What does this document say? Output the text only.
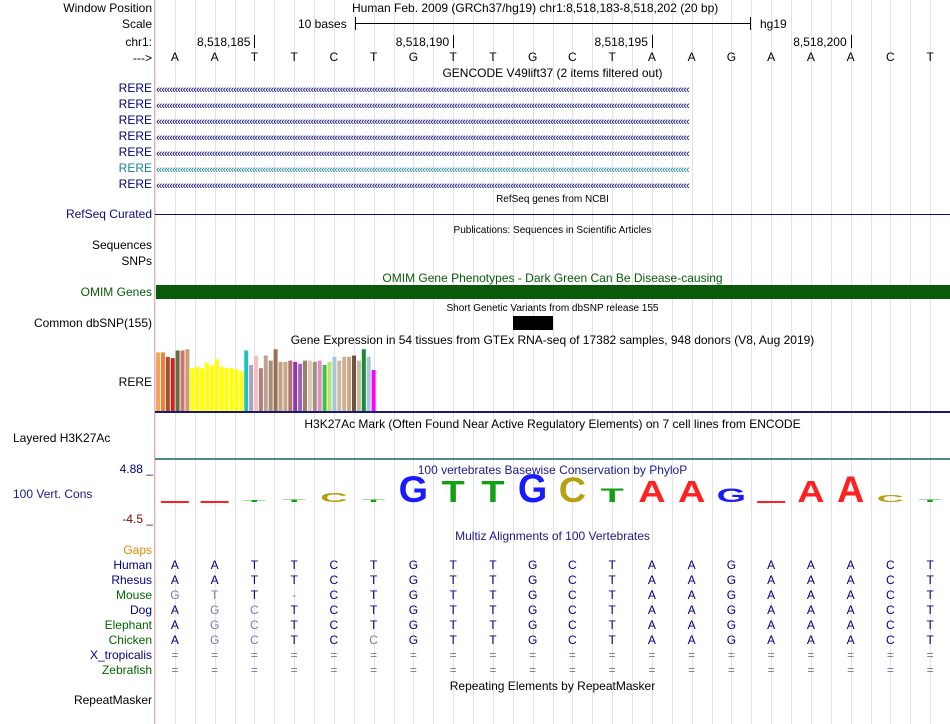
Window Position	Human Feb. 2009 (GRCh37/hg19) chr1:8,518,183-8,518,202 (20 bp)
Scale	10 bases	hg19
chr1:	8,518,185	8,518,190	8,518,195	8,518,200
--->	A	A	T	T	C	T	G	T	T	G	C	T	A	A	G	A	A	A	C	T
GENCODE V49lift37 (2 items filtered out)
RERE ‹‹‹‹‹‹‹‹‹‹‹‹‹‹‹‹‹‹‹‹‹‹‹‹‹‹‹‹‹‹‹‹‹‹‹‹‹‹‹‹‹‹‹‹‹‹‹‹‹‹‹‹‹‹‹‹‹‹‹‹‹‹‹‹‹‹‹‹‹‹‹‹‹‹‹‹‹‹‹‹‹‹‹‹‹‹‹‹‹‹‹‹‹‹‹‹‹‹‹‹‹‹‹‹‹‹‹‹‹‹‹‹‹‹‹‹‹‹‹‹‹‹‹‹‹‹‹‹‹‹‹‹‹‹‹‹‹‹‹‹‹‹‹‹‹‹‹‹‹‹‹‹‹‹‹‹‹‹‹‹‹‹‹‹‹‹‹‹‹‹‹‹‹‹‹‹‹‹‹‹‹‹‹‹‹‹‹‹‹‹‹‹‹‹‹‹‹‹‹‹
RERE ‹‹‹‹‹‹‹‹‹‹‹‹‹‹‹‹‹‹‹‹‹‹‹‹‹‹‹‹‹‹‹‹‹‹‹‹‹‹‹‹‹‹‹‹‹‹‹‹‹‹‹‹‹‹‹‹‹‹‹‹‹‹‹‹‹‹‹‹‹‹‹‹‹‹‹‹‹‹‹‹‹‹‹‹‹‹‹‹‹‹‹‹‹‹‹‹‹‹‹‹‹‹‹‹‹‹‹‹‹‹‹‹‹‹‹‹‹‹‹‹‹‹‹‹‹‹‹‹‹‹‹‹‹‹‹‹‹‹‹‹‹‹‹‹‹‹‹‹‹‹‹‹‹‹‹‹‹‹‹‹‹‹‹‹‹‹‹‹‹‹‹‹‹‹‹‹‹‹‹‹‹‹‹‹‹‹‹‹‹‹‹‹‹‹‹‹‹‹‹‹
RERE ‹‹‹‹‹‹‹‹‹‹‹‹‹‹‹‹‹‹‹‹‹‹‹‹‹‹‹‹‹‹‹‹‹‹‹‹‹‹‹‹‹‹‹‹‹‹‹‹‹‹‹‹‹‹‹‹‹‹‹‹‹‹‹‹‹‹‹‹‹‹‹‹‹‹‹‹‹‹‹‹‹‹‹‹‹‹‹‹‹‹‹‹‹‹‹‹‹‹‹‹‹‹‹‹‹‹‹‹‹‹‹‹‹‹‹‹‹‹‹‹‹‹‹‹‹‹‹‹‹‹‹‹‹‹‹‹‹‹‹‹‹‹‹‹‹‹‹‹‹‹‹‹‹‹‹‹‹‹‹‹‹‹‹‹‹‹‹‹‹‹‹‹‹‹‹‹‹‹‹‹‹‹‹‹‹‹‹‹‹‹‹‹‹‹‹‹‹‹‹‹
RERE ‹‹‹‹‹‹‹‹‹‹‹‹‹‹‹‹‹‹‹‹‹‹‹‹‹‹‹‹‹‹‹‹‹‹‹‹‹‹‹‹‹‹‹‹‹‹‹‹‹‹‹‹‹‹‹‹‹‹‹‹‹‹‹‹‹‹‹‹‹‹‹‹‹‹‹‹‹‹‹‹‹‹‹‹‹‹‹‹‹‹‹‹‹‹‹‹‹‹‹‹‹‹‹‹‹‹‹‹‹‹‹‹‹‹‹‹‹‹‹‹‹‹‹‹‹‹‹‹‹‹‹‹‹‹‹‹‹‹‹‹‹‹‹‹‹‹‹‹‹‹‹‹‹‹‹‹‹‹‹‹‹‹‹‹‹‹‹‹‹‹‹‹‹‹‹‹‹‹‹‹‹‹‹‹‹‹‹‹‹‹‹‹‹‹‹‹‹‹‹‹
RERE ‹‹‹‹‹‹‹‹‹‹‹‹‹‹‹‹‹‹‹‹‹‹‹‹‹‹‹‹‹‹‹‹‹‹‹‹‹‹‹‹‹‹‹‹‹‹‹‹‹‹‹‹‹‹‹‹‹‹‹‹‹‹‹‹‹‹‹‹‹‹‹‹‹‹‹‹‹‹‹‹‹‹‹‹‹‹‹‹‹‹‹‹‹‹‹‹‹‹‹‹‹‹‹‹‹‹‹‹‹‹‹‹‹‹‹‹‹‹‹‹‹‹‹‹‹‹‹‹‹‹‹‹‹‹‹‹‹‹‹‹‹‹‹‹‹‹‹‹‹‹‹‹‹‹‹‹‹‹‹‹‹‹‹‹‹‹‹‹‹‹‹‹‹‹‹‹‹‹‹‹‹‹‹‹‹‹‹‹‹‹‹‹‹‹‹‹‹‹‹‹
RERE ‹‹‹‹‹‹‹‹‹‹‹‹‹‹‹‹‹‹‹‹‹‹‹‹‹‹‹‹‹‹‹‹‹‹‹‹‹‹‹‹‹‹‹‹‹‹‹‹‹‹‹‹‹‹‹‹‹‹‹‹‹‹‹‹‹‹‹‹‹‹‹‹‹‹‹‹‹‹‹‹‹‹‹‹‹‹‹‹‹‹‹‹‹‹‹‹‹‹‹‹‹‹‹‹‹‹‹‹‹‹‹‹‹‹‹‹‹‹‹‹‹‹‹‹‹‹‹‹‹‹‹‹‹‹‹‹‹‹‹‹‹‹‹‹‹‹‹‹‹‹‹‹‹‹‹‹‹‹‹‹‹‹‹‹‹‹‹‹‹‹‹‹‹‹‹‹‹‹‹‹‹‹‹‹‹‹‹‹‹‹‹‹‹‹‹‹‹‹‹‹
RERE ‹‹‹‹‹‹‹‹‹‹‹‹‹‹‹‹‹‹‹‹‹‹‹‹‹‹‹‹‹‹‹‹‹‹‹‹‹‹‹‹‹‹‹‹‹‹‹‹‹‹‹‹‹‹‹‹‹‹‹‹‹‹‹‹‹‹‹‹‹‹‹‹‹‹‹‹‹‹‹‹‹‹‹‹‹‹‹‹‹‹‹‹‹‹‹‹‹‹‹‹‹‹‹‹‹‹‹‹‹‹‹‹‹‹‹‹‹‹‹‹‹‹‹‹‹‹‹‹‹‹‹‹‹‹‹‹‹‹‹‹‹‹‹‹‹‹‹‹‹‹‹‹‹‹‹‹‹‹‹‹‹‹‹‹‹‹‹‹‹‹‹‹‹‹‹‹‹‹‹‹‹‹‹‹‹‹‹‹‹‹‹‹‹‹‹‹‹‹‹‹
RefSeq genes from NCBI
RefSeq Curated
Publications: Sequences in Scientific Articles
Sequences
SNPs
OMIM Gene Phenotypes - Dark Green Can Be Disease-causing
OMIM Genes
Short Genetic Variants from dbSNP release 155
Common dbSNP(155)
Gene Expression in 54 tissues from GTEx RNA-seq of 17382 samples, 948 donors (V8, Aug 2019)
RERE
H3K27Ac Mark (Often Found Near Active Regulatory Elements) on 7 cell lines from ENCODE
Layered H3K27Ac
100 vertebrates Basewise Conservation by PhyloP
4.88 _
100 Vert. Cons
-4.5 _
T T C T G T T G C T A A G A A C T
Multiz Alignments of 100 Vertebrates
Gaps
Human	A	A	T	T	C	T	G	T	T	G	C	T	A	A	G	A	A	A	C	T
Rhesus	A	A	T	T	C	T	G	T	T	G	C	T	A	A	G	A	A	A	C	T
Mouse	G	T	T	-	C	T	G	T	T	G	C	T	A	A	G	A	A	A	C	T
Dog	A	G	C	T	C	T	G	T	T	G	C	T	A	A	G	A	A	A	C	T
Elephant	A	G	C	T	C	T	G	T	T	G	C	T	A	A	G	A	A	A	C	T
Chicken	A	G	C	T	C	C	G	T	T	G	C	T	A	A	G	A	A	A	C	T
X_tropicalis	=	=	=	=	=	=	=	=	=	=	=	=	=	=	=	=	=	=	=	=
Zebrafish	=	=	=	=	=	=	=	=	=	=	=	=	=	=	=	=	=	=	=	=
Repeating Elements by RepeatMasker
RepeatMasker
